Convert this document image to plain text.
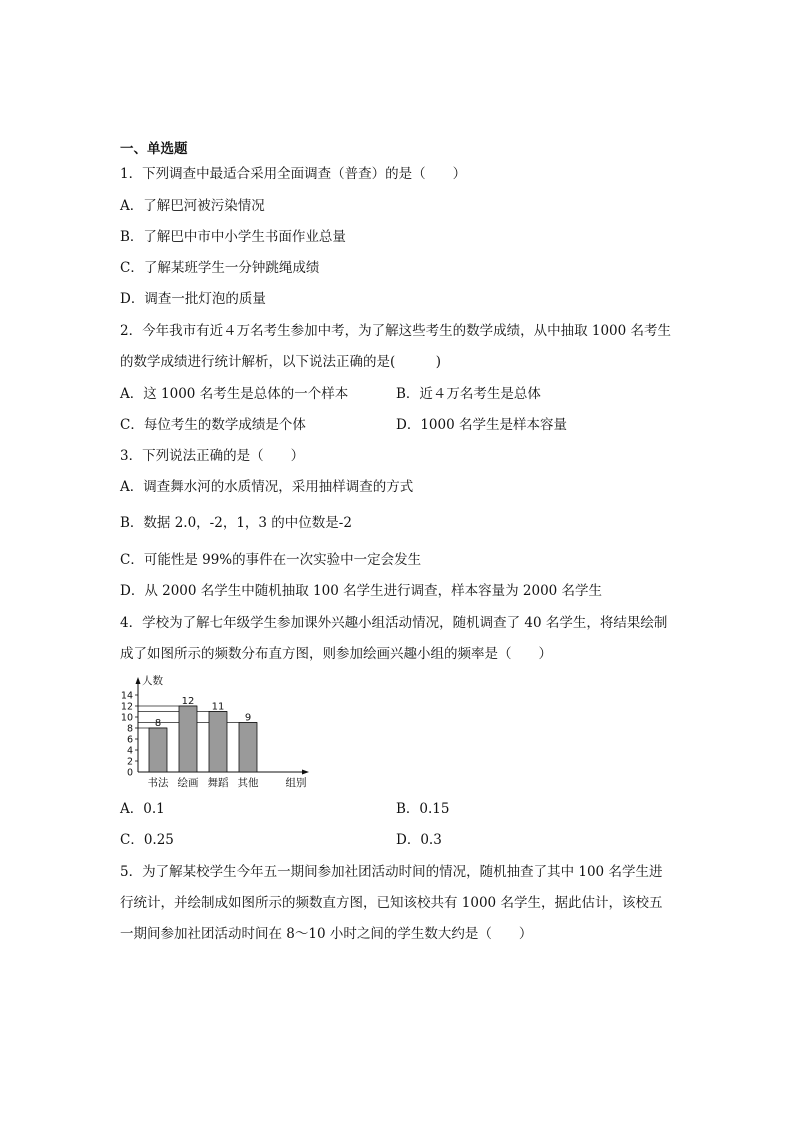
一、单选题
1．下列调查中最适合采用全面调查（普查）的是（　　）
A．了解巴河被污染情况
B．了解巴中市中小学生书面作业总量
C．了解某班学生一分钟跳绳成绩
D．调查一批灯泡的质量
2．今年我市有近４万名考生参加中考，为了解这些考生的数学成绩，从中抽取 1000 名考生
的数学成绩进行统计解析，以下说法正确的是(　　　)
A．这 1000 名考生是总体的一个样本	B．近４万名考生是总体
C．每位考生的数学成绩是个体	D．1000 名学生是样本容量
3．下列说法正确的是（　　）
A．调查舞水河的水质情况，采用抽样调查的方式
B．数据 2.0，-2，1，3 的中位数是-2
C．可能性是 99%的事件在一次实验中一定会发生
D．从 2000 名学生中随机抽取 100 名学生进行调查，样本容量为 2000 名学生
4．学校为了解七年级学生参加课外兴趣小组活动情况，随机调查了 40 名学生，将结果绘制
成了如图所示的频数分布直方图，则参加绘画兴趣小组的频率是（　　）
0
2
4
6
8
10
12
14
人数
8
书法
12
绘画
11
舞蹈
9
其他	组别
A．0.1	B．0.15
C．0.25	D．0.3
5．为了解某校学生今年五一期间参加社团活动时间的情况，随机抽查了其中 100 名学生进
行统计，并绘制成如图所示的频数直方图，已知该校共有 1000 名学生，据此估计，该校五
一期间参加社团活动时间在 8～10 小时之间的学生数大约是（　　）
